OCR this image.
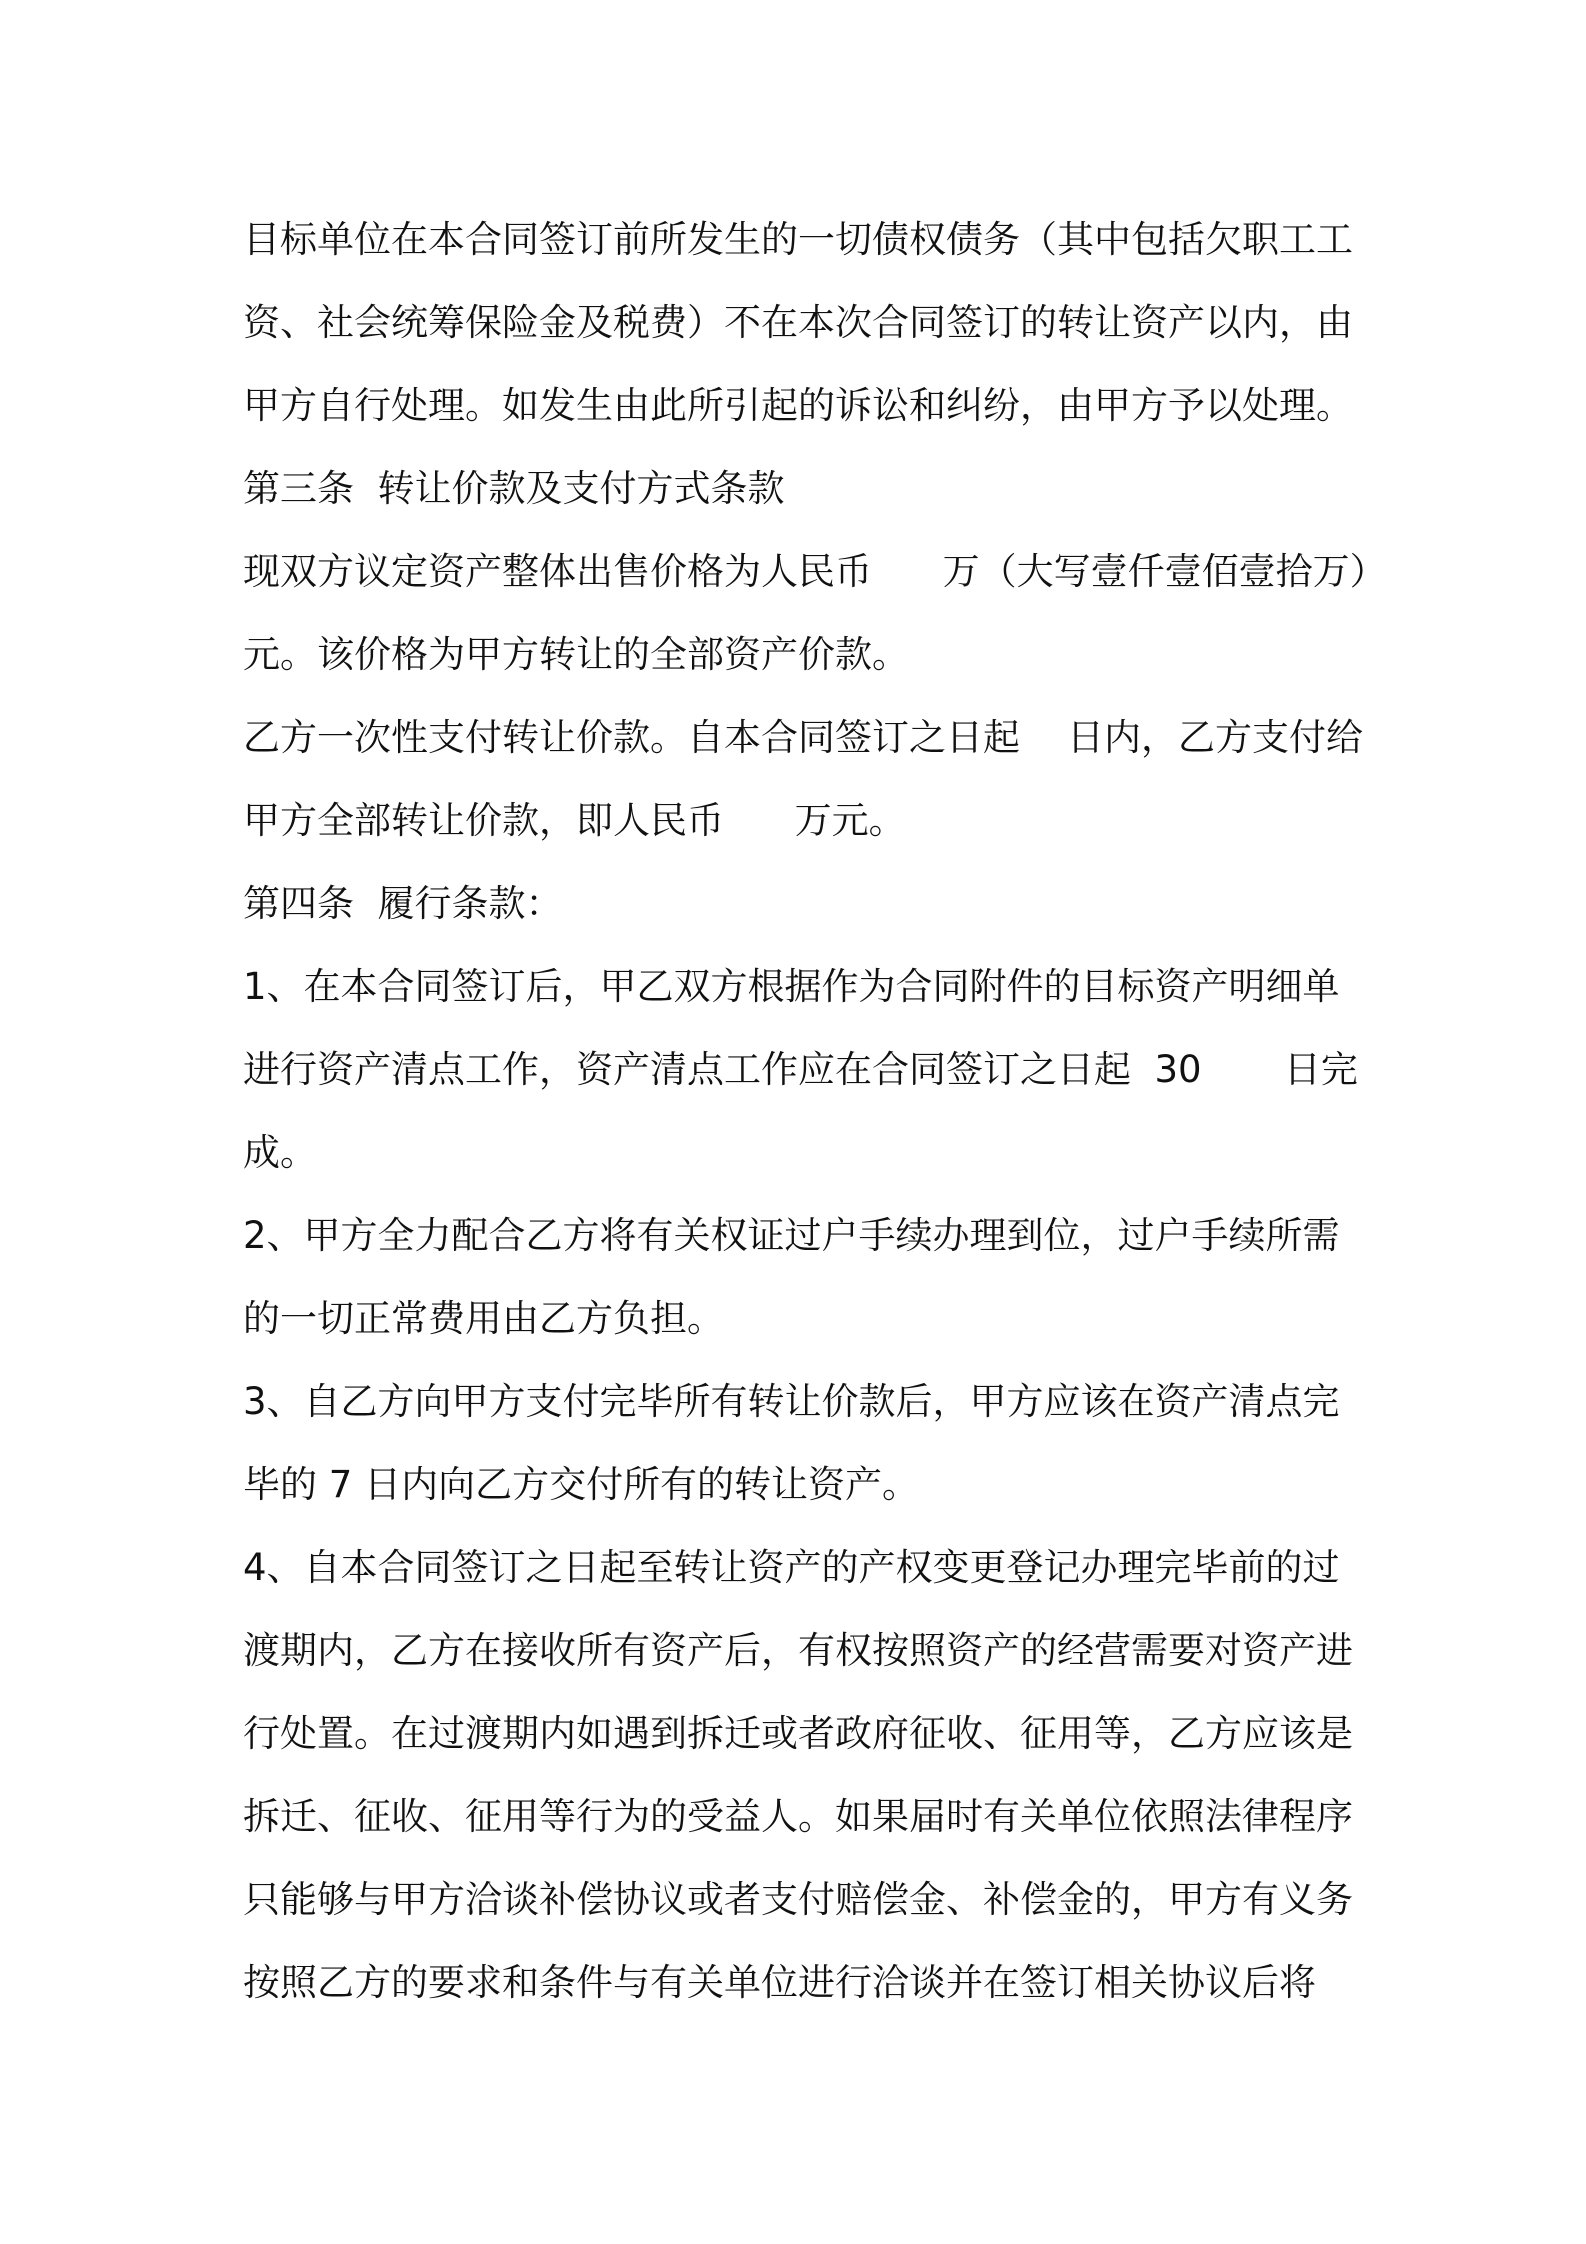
目标单位在本合同签订前所发生的一切债权债务（其中包括欠职工工
资、社会统筹保险金及税费）不在本次合同签订的转让资产以内，由
甲方自行处理。如发生由此所引起的诉讼和纠纷，由甲方予以处理。
第三条  转让价款及支付方式条款
现双方议定资产整体出售价格为人民币      万（大写壹仟壹佰壹拾万）
元。该价格为甲方转让的全部资产价款。
乙方一次性支付转让价款。自本合同签订之日起    日内，乙方支付给
甲方全部转让价款，即人民币      万元。
第四条  履行条款：
1、在本合同签订后，甲乙双方根据作为合同附件的目标资产明细单
进行资产清点工作，资产清点工作应在合同签订之日起  30       日完
成。
2、甲方全力配合乙方将有关权证过户手续办理到位，过户手续所需
的一切正常费用由乙方负担。
3、自乙方向甲方支付完毕所有转让价款后，甲方应该在资产清点完
毕的 7 日内向乙方交付所有的转让资产。
4、自本合同签订之日起至转让资产的产权变更登记办理完毕前的过
渡期内，乙方在接收所有资产后，有权按照资产的经营需要对资产进
行处置。在过渡期内如遇到拆迁或者政府征收、征用等，乙方应该是
拆迁、征收、征用等行为的受益人。如果届时有关单位依照法律程序
只能够与甲方洽谈补偿协议或者支付赔偿金、补偿金的，甲方有义务
按照乙方的要求和条件与有关单位进行洽谈并在签订相关协议后将
